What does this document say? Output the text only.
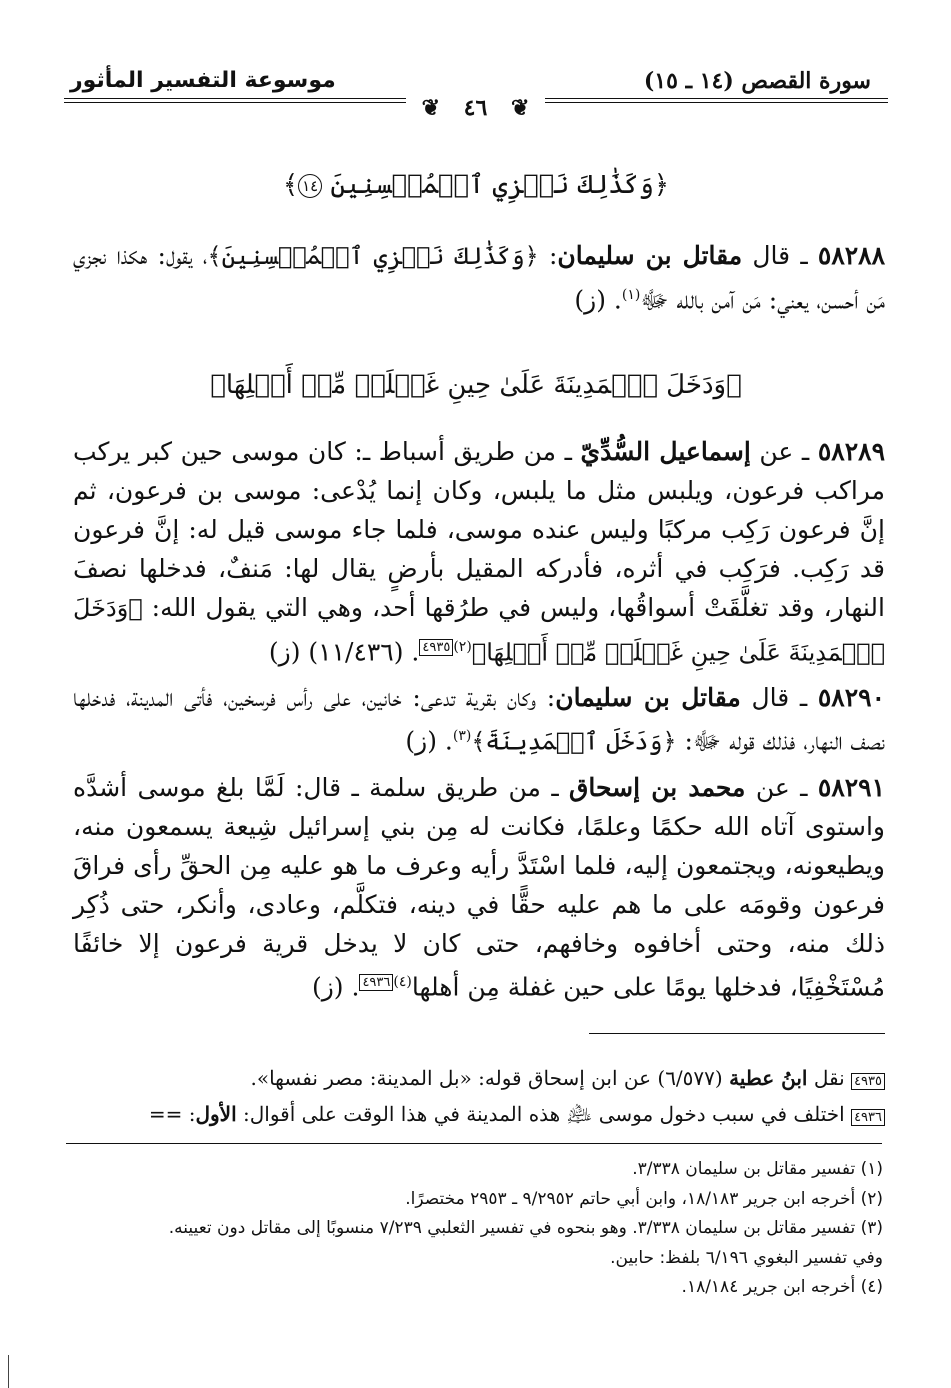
سورة القصص (١٤ ـ ١٥)
موسوعة التفسير المأثور
❦ ٤٦ ❦
﴿وَكَذَٰلِكَ نَجۡزِي ٱلۡمُحۡسِنِينَ ١٤﴾

٥٨٢٨٨ ـ قال مقاتل بن سليمان: ﴿وَكَذَٰلِكَ نَجۡزِي ٱلۡمُحۡسِنِينَ﴾، يقول: هكذا نجزي مَن أحسن، يعني: مَن آمن بالله ﷻ$^{(١)}$. (ز)

﴿وَدَخَلَ ٱلۡمَدِينَةَ عَلَىٰ حِينِ غَفۡلَةٖ مِّنۡ أَهۡلِهَا﴾

٥٨٢٨٩ ـ عن إسماعيل السُّدِّيّ ـ من طريق أسباط ـ: كان موسى حين كبر يركب مراكب فرعون، ويلبس مثل ما يلبس، وكان إنما يُدْعى: موسى بن فرعون، ثم إنَّ فرعون رَكِب مركبًا وليس عنده موسى، فلما جاء موسى قيل له: إنَّ فرعون قد رَكِب. فرَكِب في أثره، فأدركه المقيل بأرضٍ يقال لها: مَنفٌ، فدخلها نصفَ النهار، وقد تغلَّقَتْ أسواقُها، وليس في طرُقها أحد، وهي التي يقول الله: ﴿وَدَخَلَ ٱلۡمَدِينَةَ عَلَىٰ حِينِ غَفۡلَةٖ مِّنۡ أَهۡلِهَا﴾$^{(٢)}$٤٩٣٥. (١١/٤٣٦) (ز)

٥٨٢٩٠ ـ قال مقاتل بن سليمان: وكان بقرية تدعى: خانين، على رأس فرسخين، فأتى المدينة، فدخلها نصف النهار، فذلك قوله ﷻ: ﴿وَدَخَلَ ٱلۡمَدِينَةَ﴾$^{(٣)}$. (ز)

٥٨٢٩١ ـ عن محمد بن إسحاق ـ من طريق سلمة ـ قال: لَمَّا بلغ موسى أشدَّه واستوى آتاه الله حكمًا وعلمًا، فكانت له مِن بني إسرائيل شِيعة يسمعون منه، ويطيعونه، ويجتمعون إليه، فلما اسْتَدَّ رأيه وعرف ما هو عليه مِن الحقِّ رأى فراقَ فرعون وقومَه على ما هم عليه حقًّا في دينه، فتكلَّم، وعادى، وأنكر، حتى ذُكِر ذلك منه، وحتى أخافوه وخافهم، حتى كان لا يدخل قرية فرعون إلا خائفًا مُسْتَخْفِيًا، فدخلها يومًا على حين غفلة مِن أهلها$^{(٤)}$٤٩٣٦. (ز)

٤٩٣٥ نقل ابنُ عطية (٦/٥٧٧) عن ابن إسحاق قوله: «بل المدينة: مصر نفسها».
٤٩٣٦ اختلف في سبب دخول موسى ﵇ هذه المدينة في هذا الوقت على أقوال: الأول: ==

(١) تفسير مقاتل بن سليمان ٣/٣٣٨.

(٢) أخرجه ابن جرير ١٨/١٨٣، وابن أبي حاتم ٩/٢٩٥٢ ـ ٢٩٥٣ مختصرًا.

(٣) تفسير مقاتل بن سليمان ٣/٣٣٨. وهو بنحوه في تفسير الثعلبي ٧/٢٣٩ منسوبًا إلى مقاتل دون تعيينه.

وفي تفسير البغوي ٦/١٩٦ بلفظ: حابين.

(٤) أخرجه ابن جرير ١٨/١٨٤.
